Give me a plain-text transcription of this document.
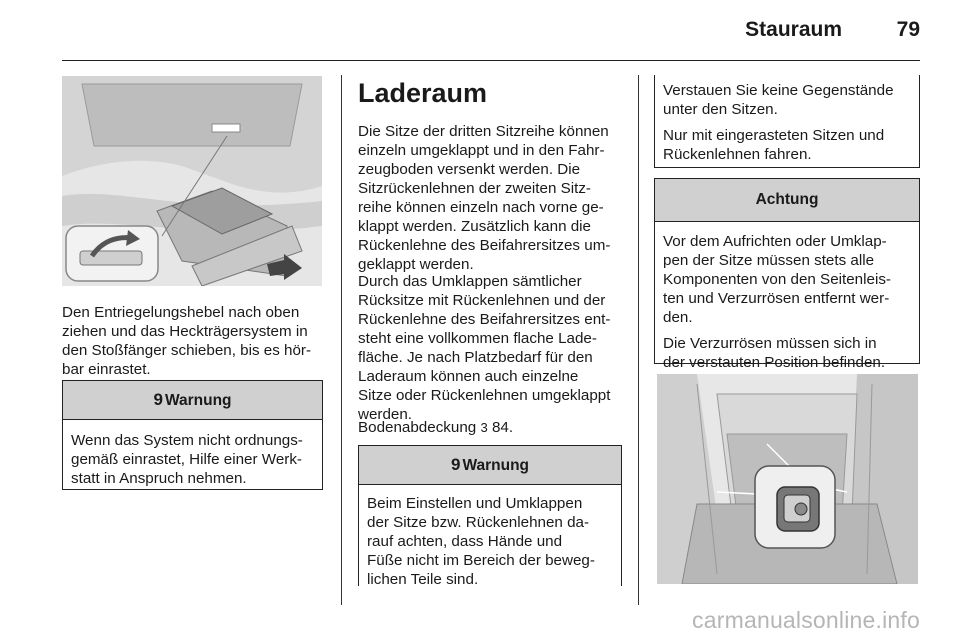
Stauraum	79

Den Entriegelungshebel nach oben
ziehen und das Heckträgersystem in
den Stoßfänger schieben, bis es hör-
bar einrastet.

9 Warnung

Wenn das System nicht ordnungs-
gemäß einrastet, Hilfe einer Werk-
statt in Anspruch nehmen.

Laderaum

Die Sitze der dritten Sitzreihe können
einzeln umgeklappt und in den Fahr-
zeugboden versenkt werden. Die
Sitzrückenlehnen der zweiten Sitz-
reihe können einzeln nach vorne ge-
klappt werden. Zusätzlich kann die
Rückenlehne des Beifahrersitzes um-
geklappt werden.

Durch das Umklappen sämtlicher
Rücksitze mit Rückenlehnen und der
Rückenlehne des Beifahrersitzes ent-
steht eine vollkommen flache Lade-
fläche. Je nach Platzbedarf für den
Laderaum können auch einzelne
Sitze oder Rückenlehnen umgeklappt
werden.

Bodenabdeckung 3 84.

9 Warnung

Beim Einstellen und Umklappen
der Sitze bzw. Rückenlehnen da-
rauf achten, dass Hände und
Füße nicht im Bereich der beweg-
lichen Teile sind.

Verstauen Sie keine Gegenstände
unter den Sitzen.

Nur mit eingerasteten Sitzen und
Rückenlehnen fahren.

Achtung

Vor dem Aufrichten oder Umklap-
pen der Sitze müssen stets alle
Komponenten von den Seitenleis-
ten und Verzurrösen entfernt wer-
den.

Die Verzurrösen müssen sich in
der verstauten Position befinden.

carmanualsonline.info
